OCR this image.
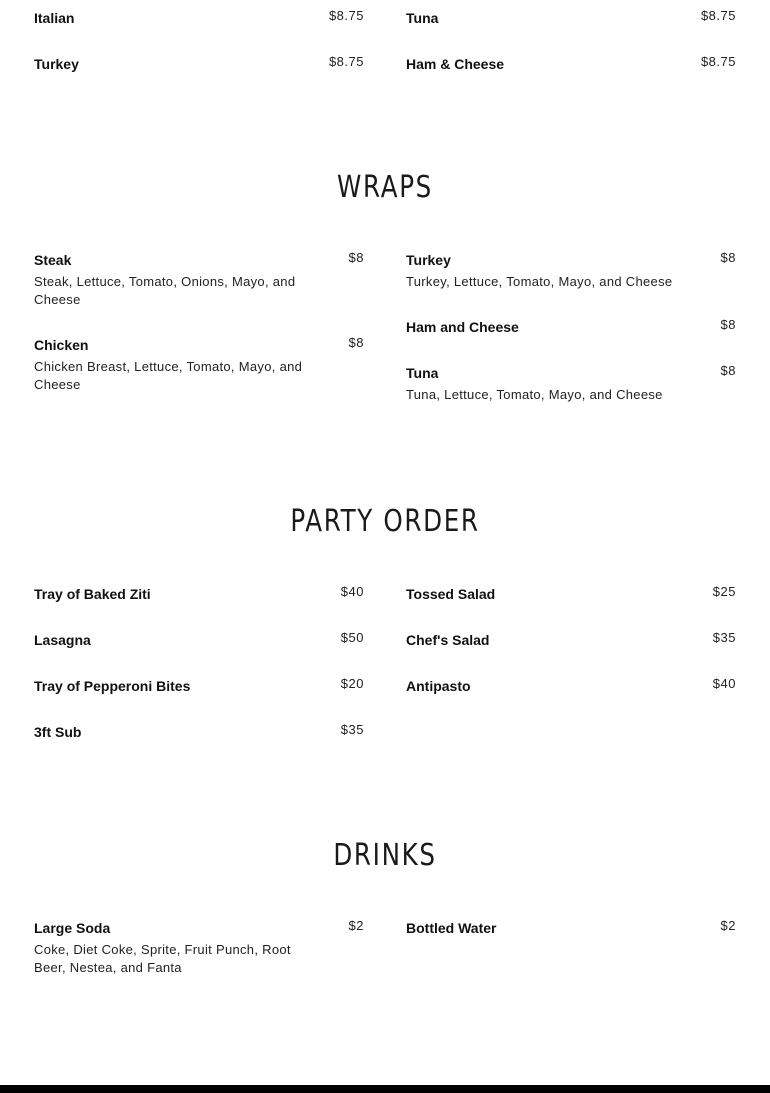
Italian	$8.75
Turkey	$8.75
Tuna	$8.75
Ham & Cheese	$8.75
WRAPS
Steak	$8
Steak, Lettuce, Tomato, Onions, Mayo, and Cheese
Chicken	$8
Chicken Breast, Lettuce, Tomato, Mayo, and Cheese
Turkey	$8
Turkey, Lettuce, Tomato, Mayo, and Cheese
Ham and Cheese	$8
Tuna	$8
Tuna, Lettuce, Tomato, Mayo, and Cheese
PARTY ORDER
Tray of Baked Ziti	$40
Lasagna	$50
Tray of Pepperoni Bites	$20
3ft Sub	$35
Tossed Salad	$25
Chef's Salad	$35
Antipasto	$40
DRINKS
Large Soda	$2
Coke, Diet Coke, Sprite, Fruit Punch, Root Beer, Nestea, and Fanta
Bottled Water	$2
